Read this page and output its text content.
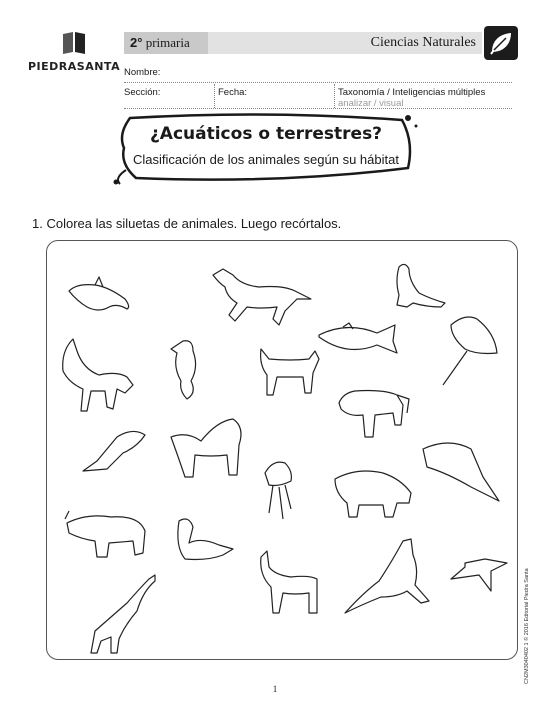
PIEDRASANTA
2° primaria	Ciencias Naturales
Nombre:
Sección:	Fecha:	Taxonomía / Inteligencias múltiples
analizar / visual
¿Acuáticos o terrestres?
Clasificación de los animales según su hábitat
1. Colorea las siluetas de animales. Luego recórtalos.
CN2M3040402 1 © 2016 Editorial Piedra Santa
1
